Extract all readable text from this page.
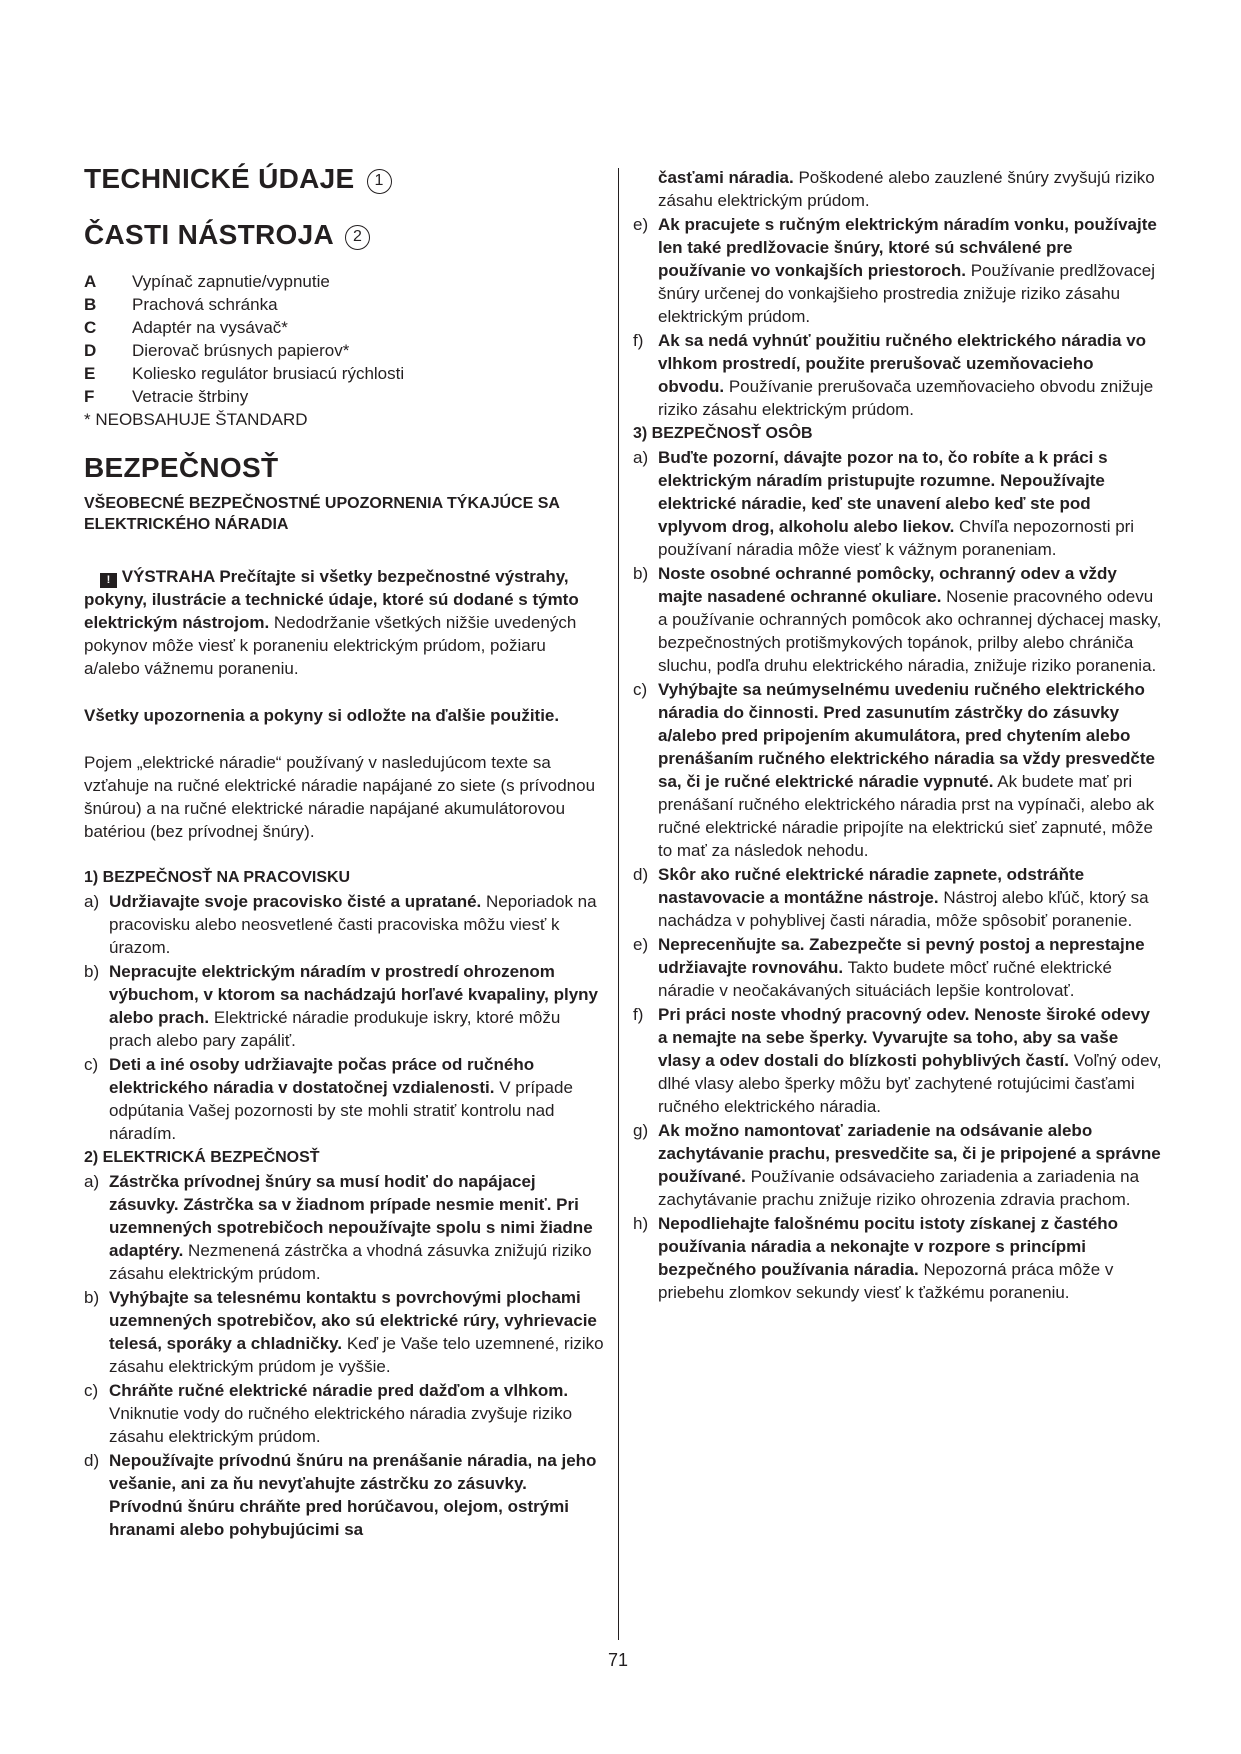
TECHNICKÉ ÚDAJE 1
ČASTI NÁSTROJA 2
A	Vypínač zapnutie/vypnutie
B	Prachová schránka
C	Adaptér na vysávač*
D	Dierovač brúsnych papierov*
E	Koliesko regulátor brusiacú rýchlosti
F	Vetracie štrbiny
* NEOBSAHUJE ŠTANDARD
BEZPEČNOSŤ
VŠEOBECNÉ BEZPEČNOSTNÉ UPOZORNENIA TÝKAJÚCE SA ELEKTRICKÉHO NÁRADIA

! VÝSTRAHA Prečítajte si všetky bezpečnostné výstrahy, pokyny, ilustrácie a technické údaje, ktoré sú dodané s týmto elektrickým nástrojom. Nedodržanie všetkých nižšie uvedených pokynov môže viesť k poraneniu elektrickým prúdom, požiaru a/alebo vážnemu poraneniu.

Všetky upozornenia a pokyny si odložte na ďalšie použitie.

Pojem „elektrické náradie“ používaný v nasledujúcom texte sa vzťahuje na ručné elektrické náradie napájané zo siete (s prívodnou šnúrou) a na ručné elektrické náradie napájané akumulátorovou batériou (bez prívodnej šnúry).

1) BEZPEČNOSŤ NA PRACOVISKU
a) Udržiavajte svoje pracovisko čisté a upratané. Neporiadok na pracovisku alebo neosvetlené časti pracoviska môžu viesť k úrazom.
b) Nepracujte elektrickým náradím v prostredí ohrozenom výbuchom, v ktorom sa nachádzajú horľavé kvapaliny, plyny alebo prach. Elektrické náradie produkuje iskry, ktoré môžu prach alebo pary zapáliť.
c) Deti a iné osoby udržiavajte počas práce od ručného elektrického náradia v dostatočnej vzdialenosti. V prípade odpútania Vašej pozornosti by ste mohli stratiť kontrolu nad náradím.
2) ELEKTRICKÁ BEZPEČNOSŤ
a) Zástrčka prívodnej šnúry sa musí hodiť do napájacej zásuvky. Zástrčka sa v žiadnom prípade nesmie meniť. Pri uzemnených spotrebičoch nepoužívajte spolu s nimi žiadne adaptéry. Nezmenená zástrčka a vhodná zásuvka znižujú riziko zásahu elektrickým prúdom.
b) Vyhýbajte sa telesnému kontaktu s povrchovými plochami uzemnených spotrebičov, ako sú elektrické rúry, vyhrievacie telesá, sporáky a chladničky. Keď je Vaše telo uzemnené, riziko zásahu elektrickým prúdom je vyššie.
c) Chráňte ručné elektrické náradie pred dažďom a vlhkom. Vniknutie vody do ručného elektrického náradia zvyšuje riziko zásahu elektrickým prúdom.
d) Nepoužívajte prívodnú šnúru na prenášanie náradia, na jeho vešanie, ani za ňu nevyťahujte zástrčku zo zásuvky. Prívodnú šnúru chráňte pred horúčavou, olejom, ostrými hranami alebo pohybujúcimi sa
časťami náradia. Poškodené alebo zauzlené šnúry zvyšujú riziko zásahu elektrickým prúdom.
e) Ak pracujete s ručným elektrickým náradím vonku, používajte len také predlžovacie šnúry, ktoré sú schválené pre používanie vo vonkajších priestoroch. Používanie predlžovacej šnúry určenej do vonkajšieho prostredia znižuje riziko zásahu elektrickým prúdom.
f) Ak sa nedá vyhnúť použitiu ručného elektrického náradia vo vlhkom prostredí, použite prerušovač uzemňovacieho obvodu. Používanie prerušovača uzemňovacieho obvodu znižuje riziko zásahu elektrickým prúdom.
3) BEZPEČNOSŤ OSÔB
a) Buďte pozorní, dávajte pozor na to, čo robíte a k práci s elektrickým náradím pristupujte rozumne. Nepoužívajte elektrické náradie, keď ste unavení alebo keď ste pod vplyvom drog, alkoholu alebo liekov. Chvíľa nepozornosti pri používaní náradia môže viesť k vážnym poraneniam.
b) Noste osobné ochranné pomôcky, ochranný odev a vždy majte nasadené ochranné okuliare. Nosenie pracovného odevu a používanie ochranných pomôcok ako ochrannej dýchacej masky, bezpečnostných protišmykových topánok, prilby alebo chrániča sluchu, podľa druhu elektrického náradia, znižuje riziko poranenia.
c) Vyhýbajte sa neúmyselnému uvedeniu ručného elektrického náradia do činnosti. Pred zasunutím zástrčky do zásuvky a/alebo pred pripojením akumulátora, pred chytením alebo prenášaním ručného elektrického náradia sa vždy presvedčte sa, či je ručné elektrické náradie vypnuté. Ak budete mať pri prenášaní ručného elektrického náradia prst na vypínači, alebo ak ručné elektrické náradie pripojíte na elektrickú sieť zapnuté, môže to mať za následok nehodu.
d) Skôr ako ručné elektrické náradie zapnete, odstráňte nastavovacie a montážne nástroje. Nástroj alebo kľúč, ktorý sa nachádza v pohyblivej časti náradia, môže spôsobiť poranenie.
e) Neprecenňujte sa. Zabezpečte si pevný postoj a neprestajne udržiavajte rovnováhu. Takto budete môcť ručné elektrické náradie v neočakávaných situáciách lepšie kontrolovať.
f) Pri práci noste vhodný pracovný odev. Nenoste široké odevy a nemajte na sebe šperky. Vyvarujte sa toho, aby sa vaše vlasy a odev dostali do blízkosti pohyblivých častí. Voľný odev, dlhé vlasy alebo šperky môžu byť zachytené rotujúcimi časťami ručného elektrického náradia.
g) Ak možno namontovať zariadenie na odsávanie alebo zachytávanie prachu, presvedčite sa, či je pripojené a správne používané. Používanie odsávacieho zariadenia a zariadenia na zachytávanie prachu znižuje riziko ohrozenia zdravia prachom.
h) Nepodliehajte falošnému pocitu istoty získanej z častého používania náradia a nekonajte v rozpore s princípmi bezpečného používania náradia. Nepozorná práca môže v priebehu zlomkov sekundy viesť k ťažkému poraneniu.
71
